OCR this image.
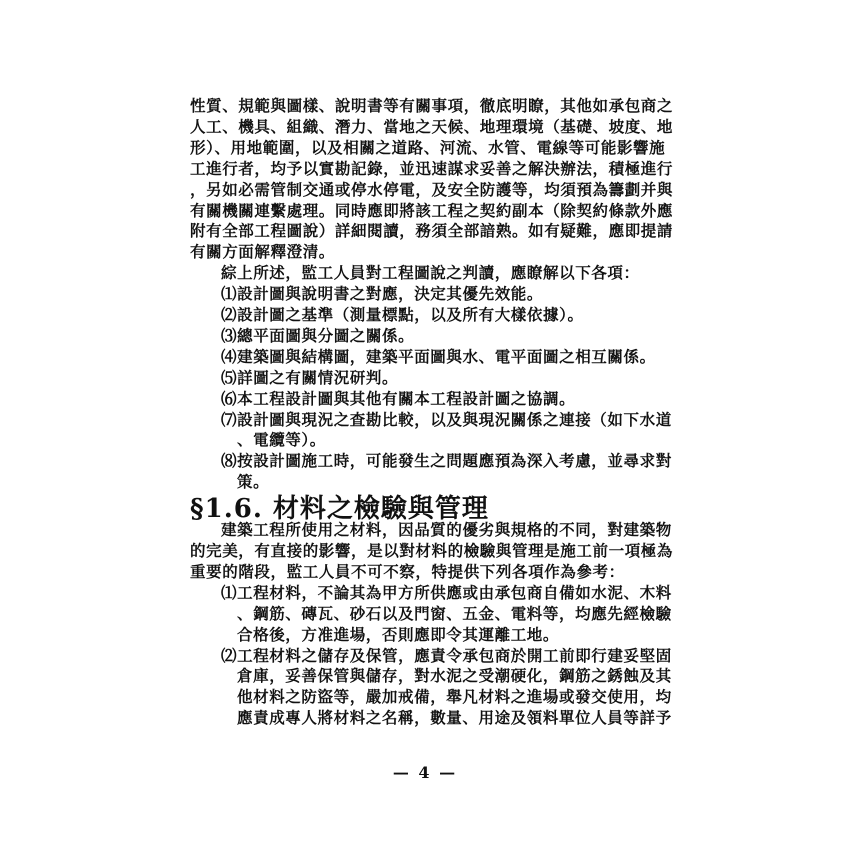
性質、規範與圖樣、說明書等有關事項，徹底明瞭，其他如承包商之
人工、機具、組織、潛力、當地之天候、地理環境（基礎、坡度、地
形）、用地範圍，以及相關之道路、河流、水管、電線等可能影響施
工進行者，均予以實勘記錄，並迅速謀求妥善之解決辦法，積極進行
，另如必需管制交通或停水停電，及安全防護等，均須預為籌劃并與
有關機關連繫處理。同時應即將該工程之契約副本（除契約條款外應
附有全部工程圖說）詳細閱讀，務須全部諳熟。如有疑難，應即提請
有關方面解釋澄清。
綜上所述，監工人員對工程圖說之判讀，應瞭解以下各項：
⑴設計圖與說明書之對應，決定其優先效能。
⑵設計圖之基準（測量標點，以及所有大樣依據）。
⑶總平面圖與分圖之關係。
⑷建築圖與結構圖，建築平面圖與水、電平面圖之相互關係。
⑸詳圖之有關情況研判。
⑹本工程設計圖與其他有關本工程設計圖之協調。
⑺設計圖與現況之查勘比較，以及與現況關係之連接（如下水道
、電纜等）。
⑻按設計圖施工時，可能發生之問題應預為深入考慮，並尋求對
策。
§1.6. 材料之檢驗與管理
建築工程所使用之材料，因品質的優劣與規格的不同，對建築物
的完美，有直接的影響，是以對材料的檢驗與管理是施工前一項極為
重要的階段，監工人員不可不察，特提供下列各項作為參考：
⑴工程材料，不論其為甲方所供應或由承包商自備如水泥、木料
、鋼筋、磚瓦、砂石以及門窗、五金、電料等，均應先經檢驗
合格後，方准進場，否則應即令其運離工地。
⑵工程材料之儲存及保管，應責令承包商於開工前即行建妥堅固
倉庫，妥善保管與儲存，對水泥之受潮硬化，鋼筋之銹蝕及其
他材料之防盜等，嚴加戒備，舉凡材料之進場或發交使用，均
應責成專人將材料之名稱，數量、用途及領料單位人員等詳予
— 4 —
